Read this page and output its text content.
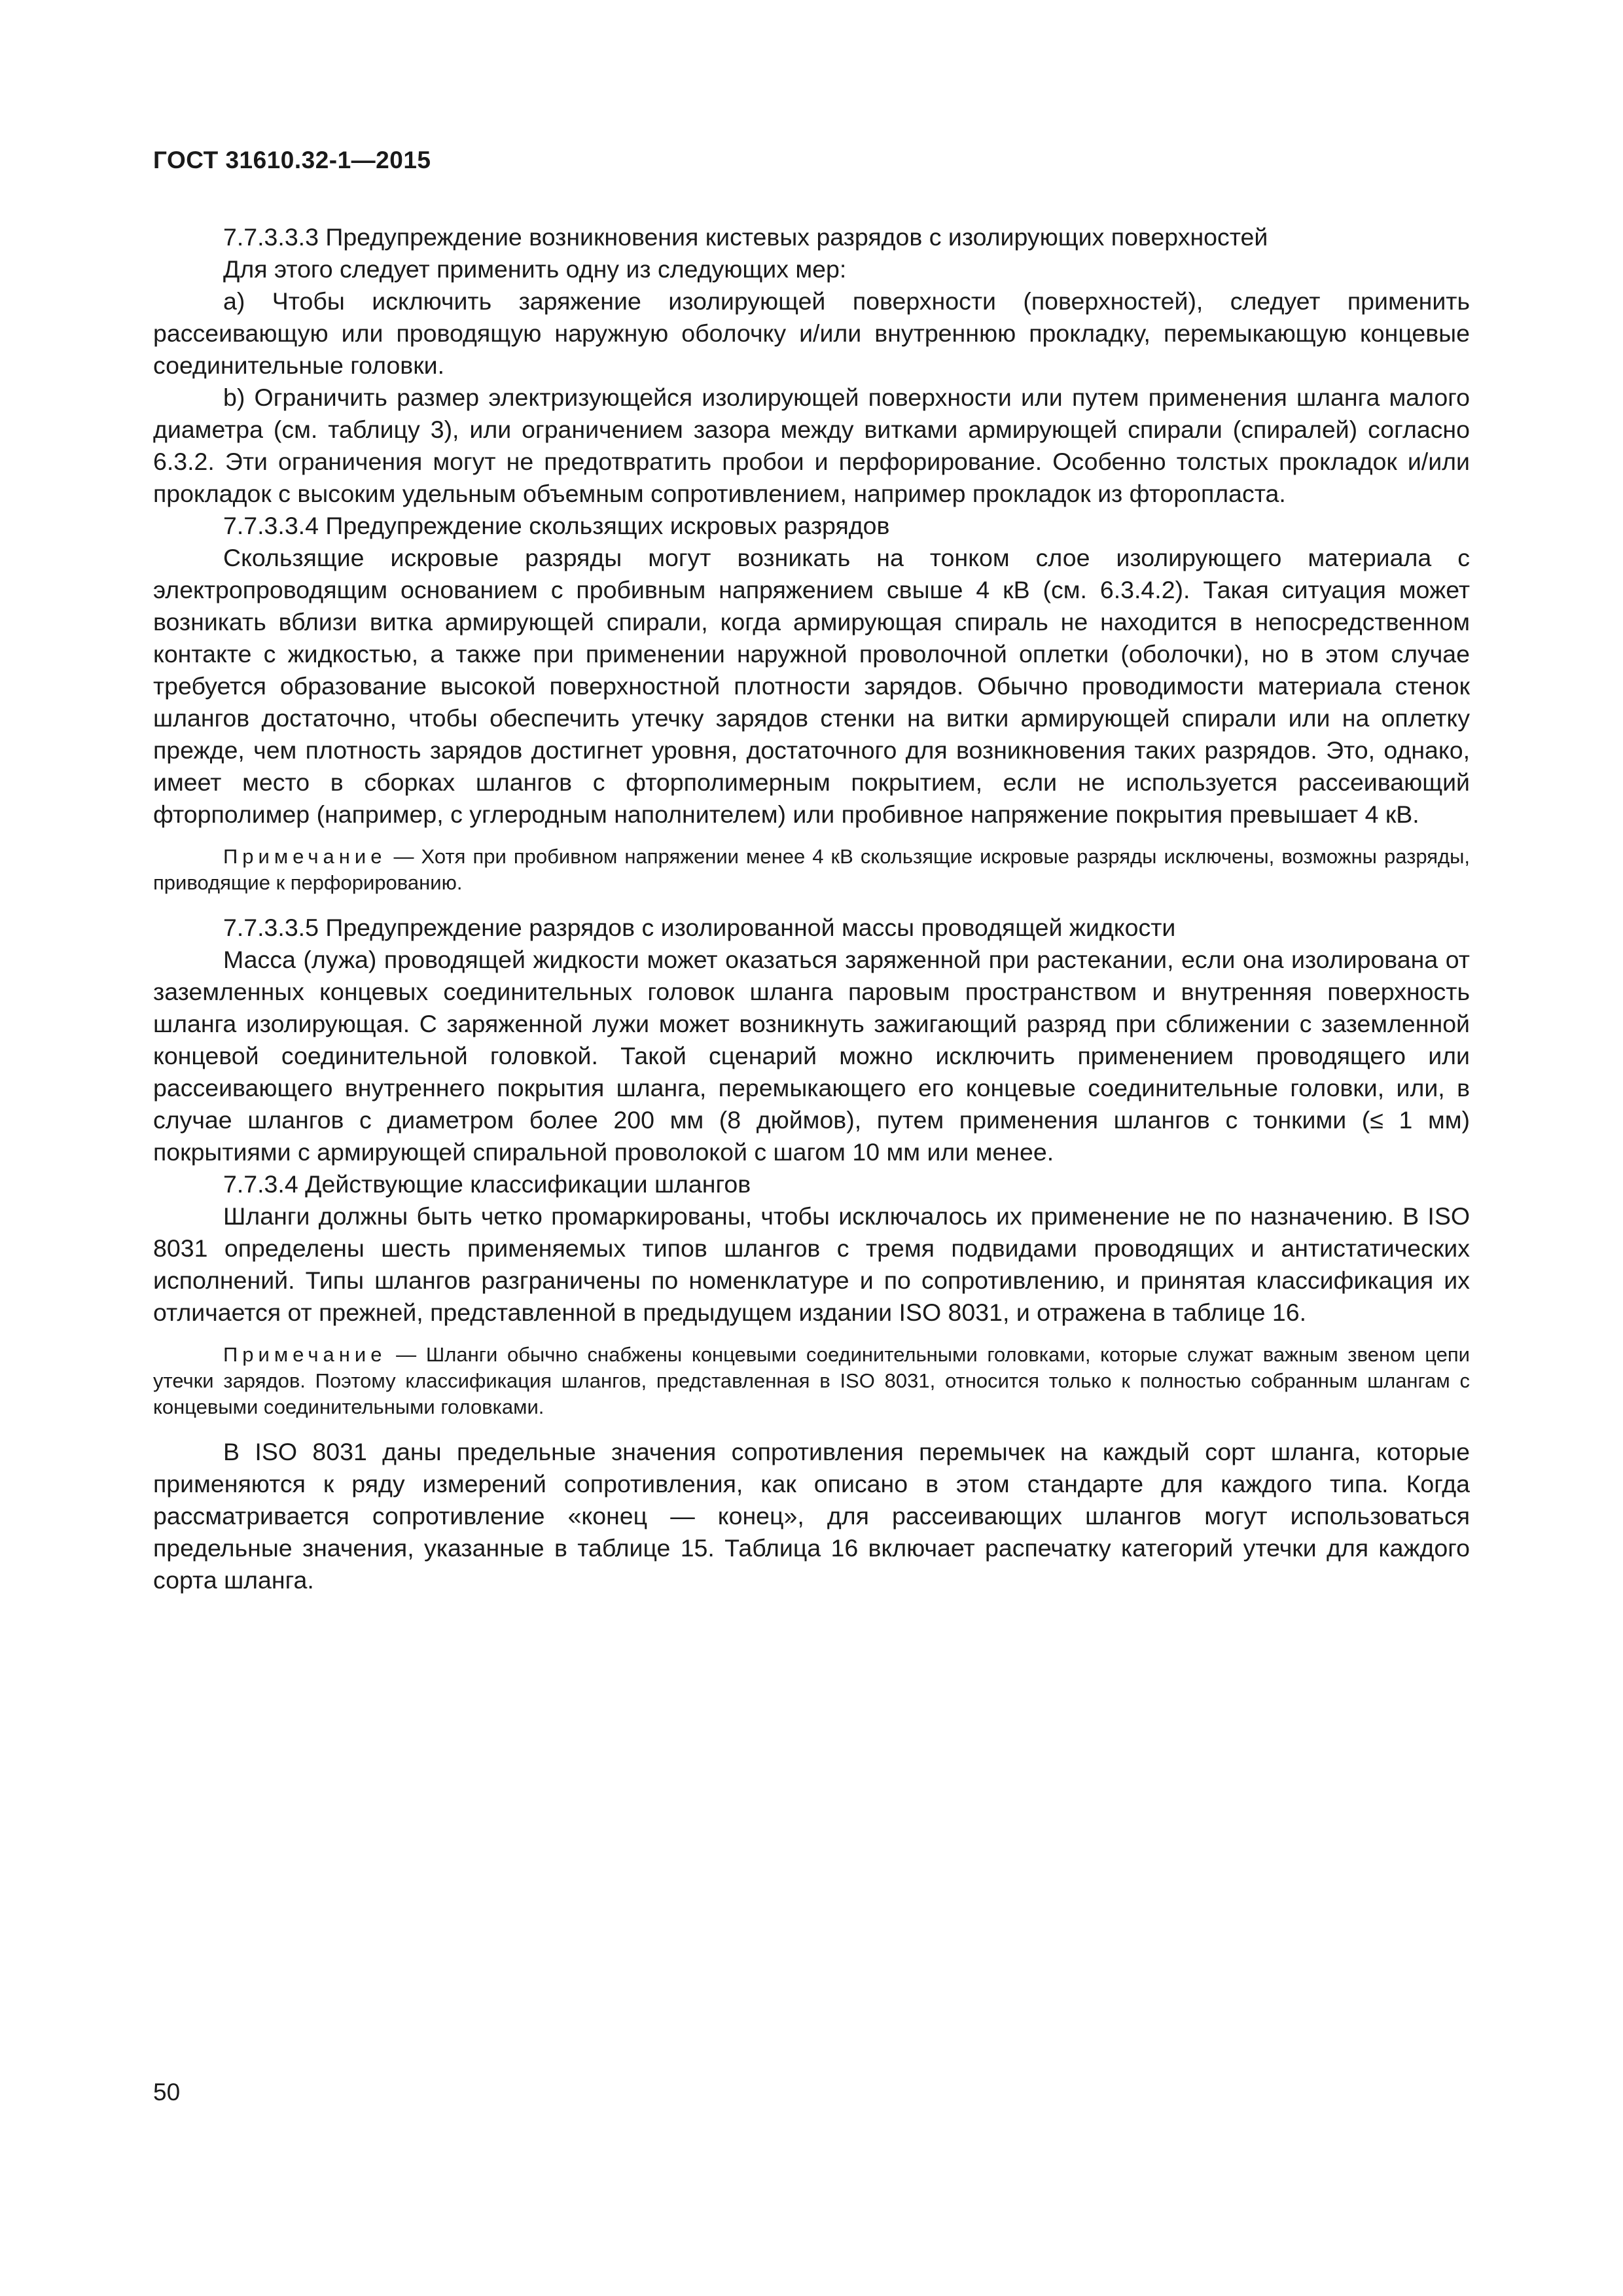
ГОСТ 31610.32-1—2015

7.7.3.3.3 Предупреждение возникновения кистевых разрядов с изолирующих поверхностей

Для этого следует применить одну из следующих мер:

а) Чтобы исключить заряжение изолирующей поверхности (поверхностей), следует применить рассеивающую или проводящую наружную оболочку и/или внутреннюю прокладку, перемыкающую концевые соединительные головки.

b) Ограничить размер электризующейся изолирующей поверхности или путем применения шланга малого диаметра (см. таблицу 3), или ограничением зазора между витками армирующей спирали (спиралей) согласно 6.3.2. Эти ограничения могут не предотвратить пробои и перфорирование. Особенно толстых прокладок и/или прокладок с высоким удельным объемным сопротивлением, например прокладок из фторопласта.

7.7.3.3.4 Предупреждение скользящих искровых разрядов

Скользящие искровые разряды могут возникать на тонком слое изолирующего материала с электропроводящим основанием с пробивным напряжением свыше 4 кВ (см. 6.3.4.2). Такая ситуация может возникать вблизи витка армирующей спирали, когда армирующая спираль не находится в непосредственном контакте с жидкостью, а также при применении наружной проволочной оплетки (оболочки), но в этом случае требуется образование высокой поверхностной плотности зарядов. Обычно проводимости материала стенок шлангов достаточно, чтобы обеспечить утечку зарядов стенки на витки армирующей спирали или на оплетку прежде, чем плотность зарядов достигнет уровня, достаточного для возникновения таких разрядов. Это, однако, имеет место в сборках шлангов с фторполимерным покрытием, если не используется рассеивающий фторполимер (например, с углеродным наполнителем) или пробивное напряжение покрытия превышает 4 кВ.

Примечание — Хотя при пробивном напряжении менее 4 кВ скользящие искровые разряды исключены, возможны разряды, приводящие к перфорированию.

7.7.3.3.5 Предупреждение разрядов с изолированной массы проводящей жидкости

Масса (лужа) проводящей жидкости может оказаться заряженной при растекании, если она изолирована от заземленных концевых соединительных головок шланга паровым пространством и внутренняя поверхность шланга изолирующая. С заряженной лужи может возникнуть зажигающий разряд при сближении с заземленной концевой соединительной головкой. Такой сценарий можно исключить применением проводящего или рассеивающего внутреннего покрытия шланга, перемыкающего его концевые соединительные головки, или, в случае шлангов с диаметром более 200 мм (8 дюймов), путем применения шлангов с тонкими (≤ 1 мм) покрытиями с армирующей спиральной проволокой с шагом 10 мм или менее.

7.7.3.4 Действующие классификации шлангов

Шланги должны быть четко промаркированы, чтобы исключалось их применение не по назначению. В ISO 8031 определены шесть применяемых типов шлангов с тремя подвидами проводящих и антистатических исполнений. Типы шлангов разграничены по номенклатуре и по сопротивлению, и принятая классификация их отличается от прежней, представленной в предыдущем издании ISO 8031, и отражена в таблице 16.

Примечание — Шланги обычно снабжены концевыми соединительными головками, которые служат важным звеном цепи утечки зарядов. Поэтому классификация шлангов, представленная в ISO 8031, относится только к полностью собранным шлангам с концевыми соединительными головками.

В ISO 8031 даны предельные значения сопротивления перемычек на каждый сорт шланга, которые применяются к ряду измерений сопротивления, как описано в этом стандарте для каждого типа. Когда рассматривается сопротивление «конец — конец», для рассеивающих шлангов могут использоваться предельные значения, указанные в таблице 15. Таблица 16 включает распечатку категорий утечки для каждого сорта шланга.

50
